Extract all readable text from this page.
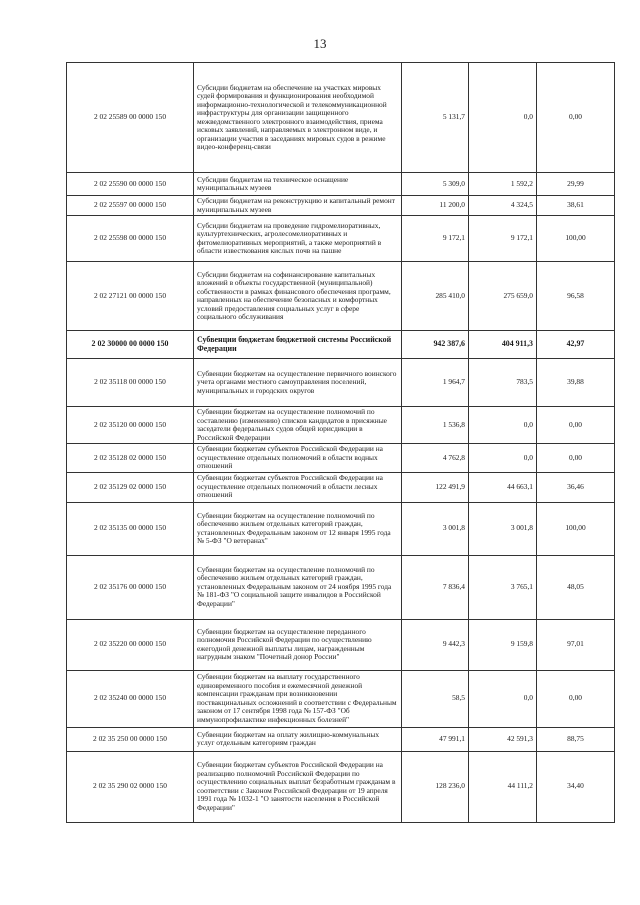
13
2 02 25589 00 0000 150	Субсидии бюджетам на обеспечение на участках мировых судей формирования и функционирования необходимой информационно-технологической и телекоммуникационной инфраструктуры для организации защищенного межведомственного электронного взаимодействия, приема исковых заявлений, направляемых в электронном виде, и организации участия в заседаниях мировых судов в режиме видео-конференц-связи	5 131,7	0,0	0,00
2 02 25590 00 0000 150	Субсидии бюджетам на техническое оснащение муниципальных музеев	5 309,0	1 592,2	29,99
2 02 25597 00 0000 150	Субсидии бюджетам на реконструкцию и капитальный ремонт муниципальных музеев	11 200,0	4 324,5	38,61
2 02 25598 00 0000 150	Субсидии бюджетам на проведение гидромелиоративных, культуртехнических, агролесомелиоративных и фитомелиоративных мероприятий, а также мероприятий в области известкования кислых почв на пашне	9 172,1	9 172,1	100,00
2 02 27121 00 0000 150	Субсидии бюджетам на софинансирование капитальных вложений в объекты государственной (муниципальной) собственности в рамках финансового обеспечения программ, направленных на обеспечение безопасных и комфортных условий предоставления социальных услуг в сфере социального обслуживания	285 410,0	275 659,0	96,58
2 02 30000 00 0000 150	Субвенции бюджетам бюджетной системы Российской Федерации	942 387,6	404 911,3	42,97
2 02 35118 00 0000 150	Субвенции бюджетам на осуществление первичного воинского учета органами местного самоуправления поселений, муниципальных и городских округов	1 964,7	783,5	39,88
2 02 35120 00 0000 150	Субвенции бюджетам на осуществление полномочий по составлению (изменению) списков кандидатов в присяжные заседатели федеральных судов общей юрисдикции в Российской Федерации	1 536,8	0,0	0,00
2 02 35128 02 0000 150	Субвенции бюджетам субъектов Российской Федерации на осуществление отдельных полномочий в области водных отношений	4 762,8	0,0	0,00
2 02 35129 02 0000 150	Субвенции бюджетам субъектов Российской Федерации на осуществление отдельных полномочий в области лесных отношений	122 491,9	44 663,1	36,46
2 02 35135 00 0000 150	Субвенции бюджетам на осуществление полномочий по обеспечению жильем отдельных категорий граждан, установленных Федеральным законом от 12 января 1995 года № 5-ФЗ "О ветеранах"	3 001,8	3 001,8	100,00
2 02 35176 00 0000 150	Субвенции бюджетам на осуществление полномочий по обеспечению жильем отдельных категорий граждан, установленных Федеральным законом от 24 ноября 1995 года № 181-ФЗ "О социальной защите инвалидов в Российской Федерации"	7 836,4	3 765,1	48,05
2 02 35220 00 0000 150	Субвенции бюджетам на осуществление переданного полномочия Российской Федерации по осуществлению ежегодной денежной выплаты лицам, награжденным нагрудным знаком "Почетный донор России"	9 442,3	9 159,8	97,01
2 02 35240 00 0000 150	Субвенции бюджетам на выплату государственного единовременного пособия и ежемесячной денежной компенсации гражданам при возникновении поствакцинальных осложнений в соответствии с Федеральным законом от 17 сентября 1998 года № 157-ФЗ "Об иммунопрофилактике инфекционных болезней"	58,5	0,0	0,00
2 02 35 250 00 0000 150	Субвенции бюджетам на оплату жилищно-коммунальных услуг отдельным категориям граждан	47 991,1	42 591,3	88,75
2 02 35 290 02 0000 150	Субвенции бюджетам субъектов Российской Федерации на реализацию полномочий Российской Федерации по осуществлению социальных выплат безработным гражданам в соответствии с Законом Российской Федерации от 19 апреля 1991 года № 1032-1 "О занятости населения в Российской Федерации"	128 236,0	44 111,2	34,40
